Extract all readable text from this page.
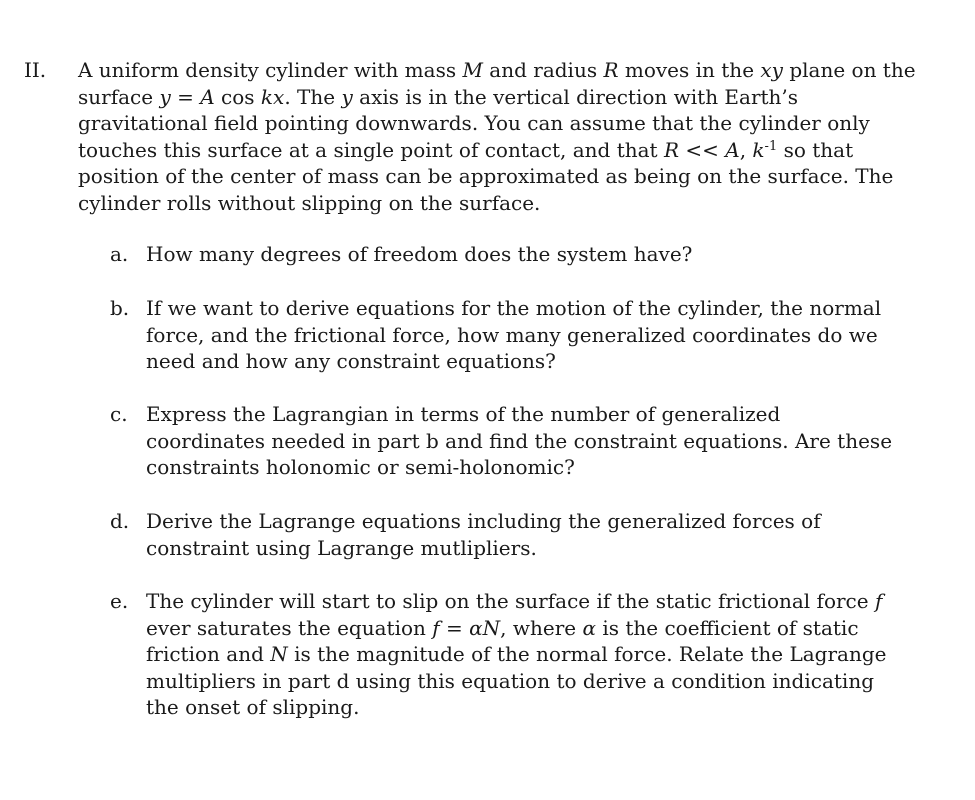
II. A uniform density cylinder with mass M and radius R moves in the xy plane on the surface y = A cos kx. The y axis is in the vertical direction with Earth’s gravitational field pointing downwards. You can assume that the cylinder only touches this surface at a single point of contact, and that R << A, $k^{-1}$ so that position of the center of mass can be approximated as being on the surface. The cylinder rolls without slipping on the surface.
a. How many degrees of freedom does the system have?
b. If we want to derive equations for the motion of the cylinder, the normal force, and the frictional force, how many generalized coordinates do we need and how any constraint equations?
c. Express the Lagrangian in terms of the number of generalized coordinates needed in part b and find the constraint equations. Are these constraints holonomic or semi-holonomic?
d. Derive the Lagrange equations including the generalized forces of constraint using Lagrange mutlipliers.
e. The cylinder will start to slip on the surface if the static frictional force f ever saturates the equation f = αN, where α is the coefficient of static friction and N is the magnitude of the normal force. Relate the Lagrange multipliers in part d using this equation to derive a condition indicating the onset of slipping.
